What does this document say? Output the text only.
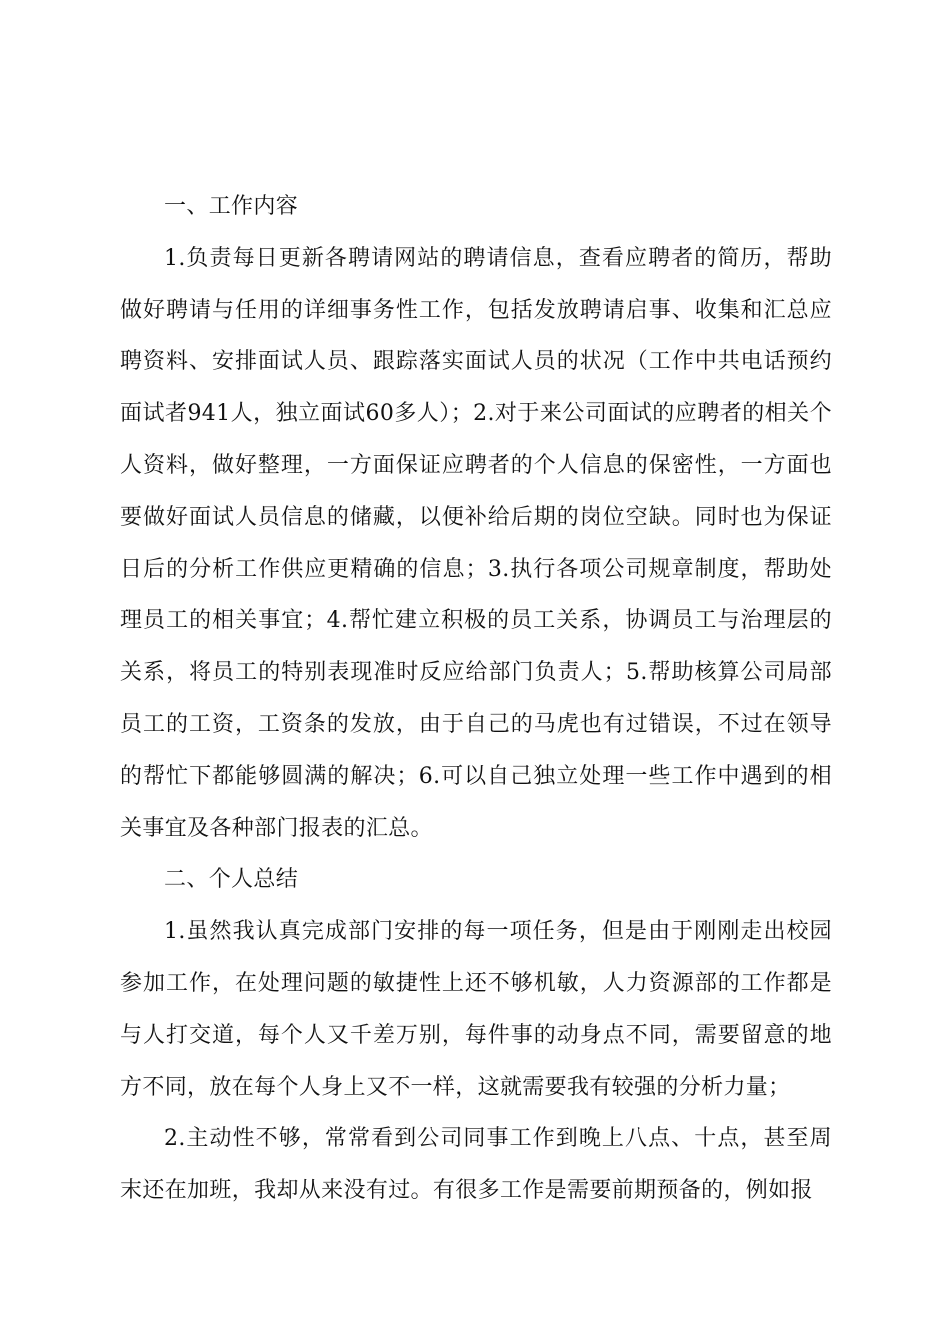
一、工作内容

1.负责每日更新各聘请网站的聘请信息，查看应聘者的简历，帮助做好聘请与任用的详细事务性工作，包括发放聘请启事、收集和汇总应聘资料、安排面试人员、跟踪落实面试人员的状况（工作中共电话预约面试者941人，独立面试60多人）；2.对于来公司面试的应聘者的相关个人资料，做好整理，一方面保证应聘者的个人信息的保密性，一方面也要做好面试人员信息的储藏，以便补给后期的岗位空缺。同时也为保证日后的分析工作供应更精确的信息；3.执行各项公司规章制度，帮助处理员工的相关事宜；4.帮忙建立积极的员工关系，协调员工与治理层的关系，将员工的特别表现准时反应给部门负责人；5.帮助核算公司局部员工的工资，工资条的发放，由于自己的马虎也有过错误，不过在领导的帮忙下都能够圆满的解决；6.可以自己独立处理一些工作中遇到的相关事宜及各种部门报表的汇总。

二、个人总结

1.虽然我认真完成部门安排的每一项任务，但是由于刚刚走出校园参加工作，在处理问题的敏捷性上还不够机敏，人力资源部的工作都是与人打交道，每个人又千差万别，每件事的动身点不同，需要留意的地方不同，放在每个人身上又不一样，这就需要我有较强的分析力量；

2.主动性不够，常常看到公司同事工作到晚上八点、十点，甚至周末还在加班，我却从来没有过。有很多工作是需要前期预备的，例如报
